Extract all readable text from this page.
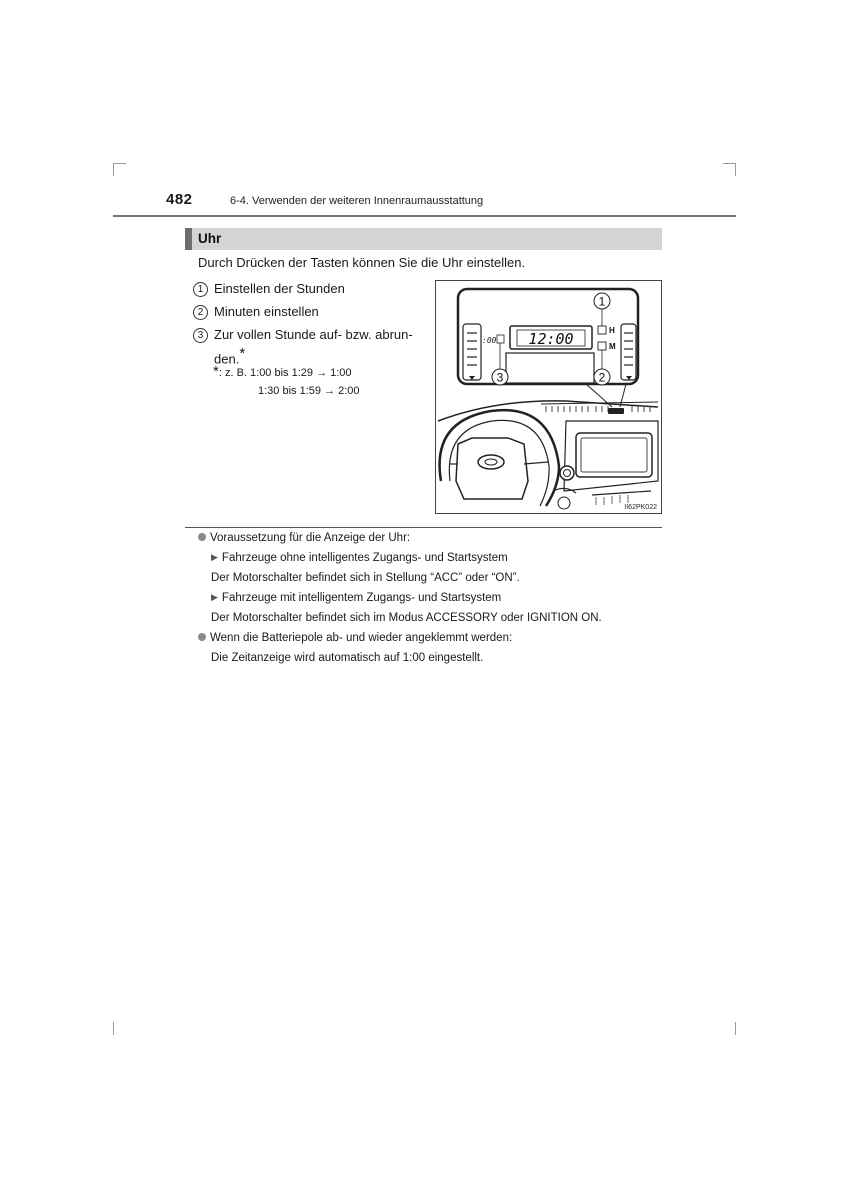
482	6-4. Verwenden der weiteren Innenraumausstattung
Uhr
Durch Drücken der Tasten können Sie die Uhr einstellen.
1 Einstellen der Stunden
2 Minuten einstellen
3 Zur vollen Stunde auf- bzw. abrun-den.*
*: z. B. 1:00 bis 1:29 → 1:00
1:30 bis 1:59 → 2:00
12:00
:00
H
M
1
2
3
II62PK022
Voraussetzung für die Anzeige der Uhr:
▶ Fahrzeuge ohne intelligentes Zugangs- und Startsystem
Der Motorschalter befindet sich in Stellung “ACC” oder “ON”.
▶ Fahrzeuge mit intelligentem Zugangs- und Startsystem
Der Motorschalter befindet sich im Modus ACCESSORY oder IGNITION ON.
Wenn die Batteriepole ab- und wieder angeklemmt werden:
Die Zeitanzeige wird automatisch auf 1:00 eingestellt.
